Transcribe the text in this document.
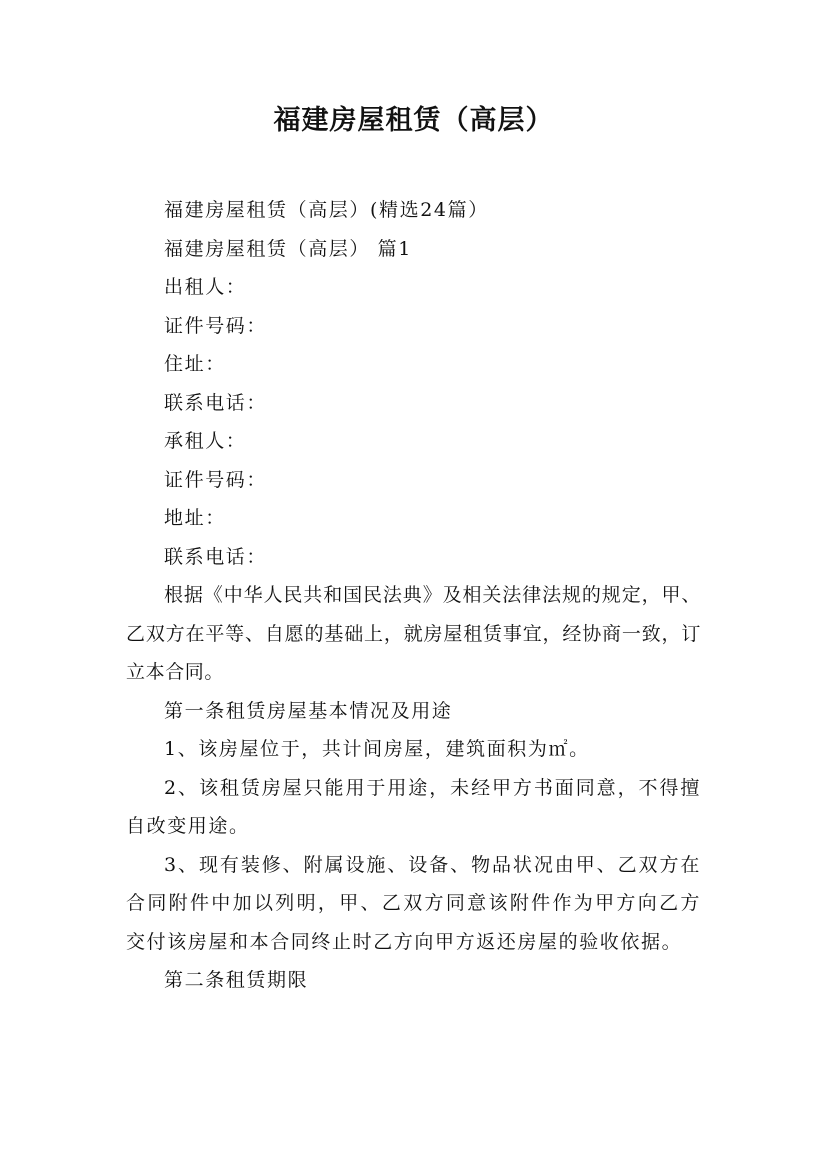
福建房屋租赁（高层）

福建房屋租赁（高层）(精选24篇）

福建房屋租赁（高层） 篇1

出租人：

证件号码：

住址：

联系电话：

承租人：

证件号码：

地址：

联系电话：

根据《中华人民共和国民法典》及相关法律法规的规定，甲、乙双方在平等、自愿的基础上，就房屋租赁事宜，经协商一致，订立本合同。

第一条租赁房屋基本情况及用途

1、该房屋位于，共计间房屋，建筑面积为㎡。

2、该租赁房屋只能用于用途，未经甲方书面同意，不得擅自改变用途。

3、现有装修、附属设施、设备、物品状况由甲、乙双方在合同附件中加以列明，甲、乙双方同意该附件作为甲方向乙方交付该房屋和本合同终止时乙方向甲方返还房屋的验收依据。

第二条租赁期限
